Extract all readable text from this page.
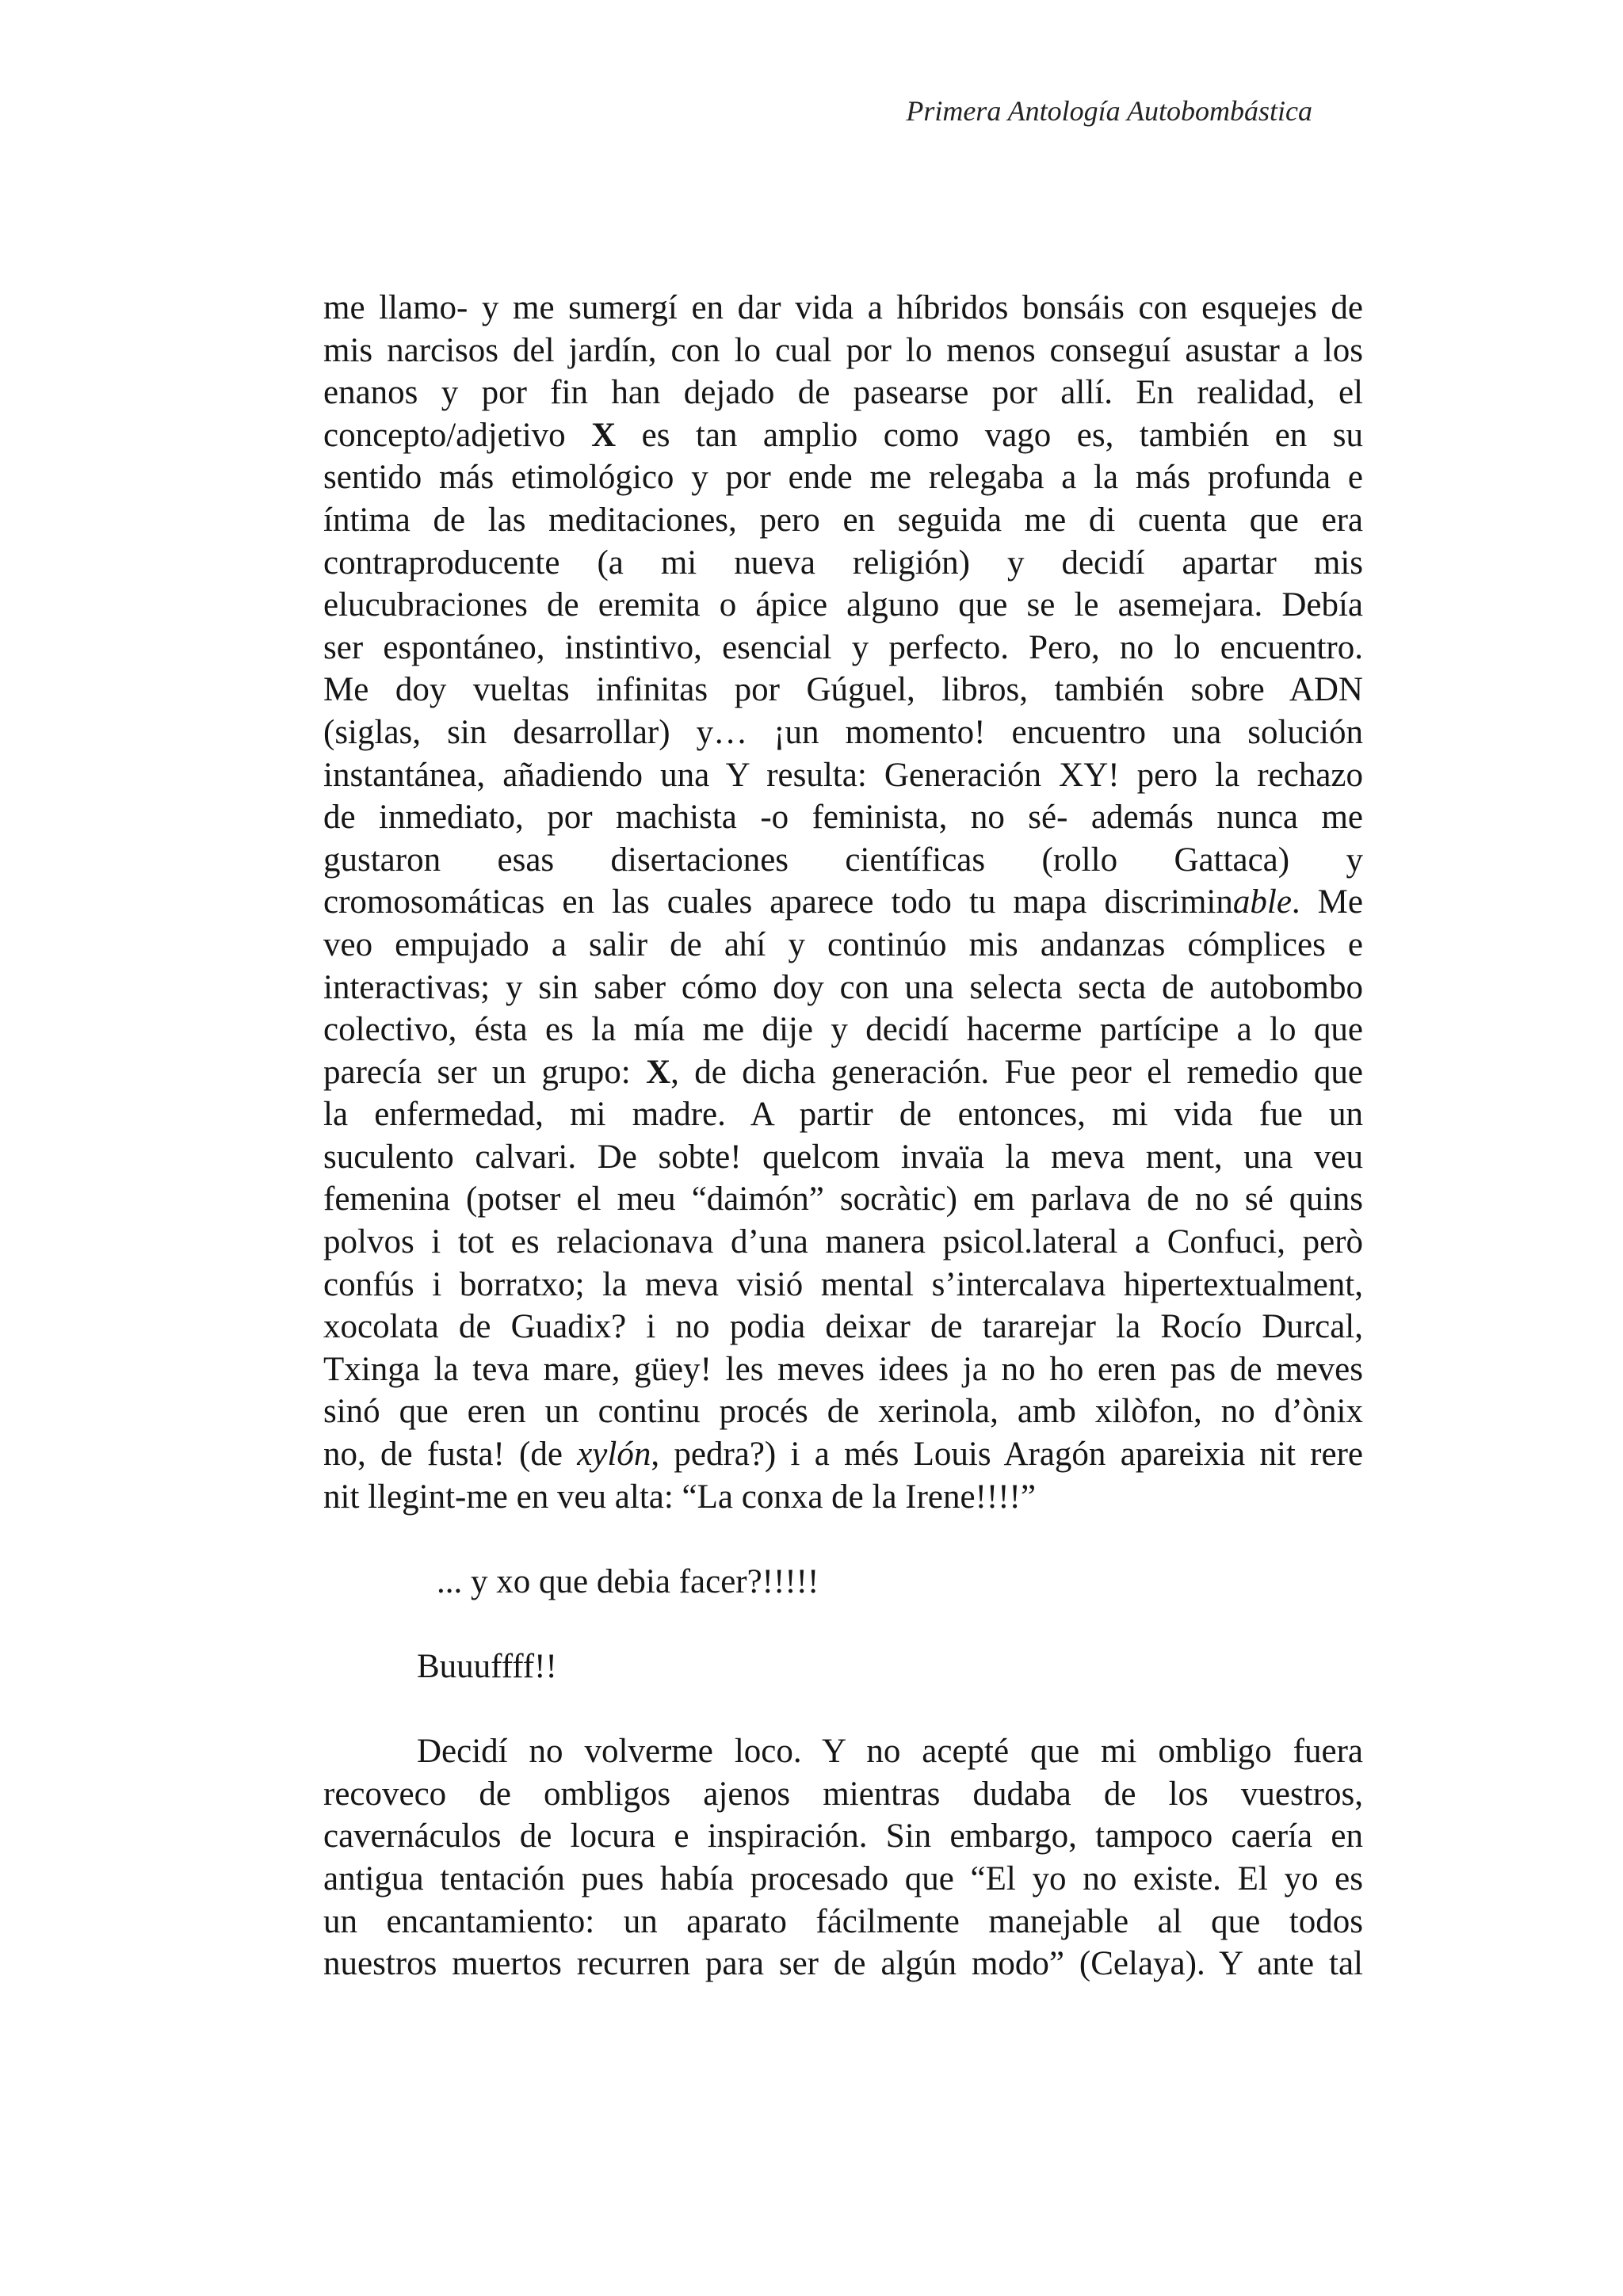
Primera Antología Autobombástica
me llamo- y me sumergí en dar vida a híbridos bonsáis con esquejes de
mis narcisos del jardín, con lo cual por lo menos conseguí asustar a los
enanos y por fin han dejado de pasearse por allí. En realidad, el
concepto/adjetivo X es tan amplio como vago es, también en su
sentido más etimológico y por ende me relegaba a la más profunda e
íntima de las meditaciones, pero en seguida me di cuenta que era
contraproducente (a mi nueva religión) y decidí apartar mis
elucubraciones de eremita o ápice alguno que se le asemejara. Debía
ser espontáneo, instintivo, esencial y perfecto. Pero, no lo encuentro.
Me doy vueltas infinitas por Gúguel, libros, también sobre ADN
(siglas, sin desarrollar) y… ¡un momento! encuentro una solución
instantánea, añadiendo una Y resulta: Generación XY! pero la rechazo
de inmediato, por machista -o feminista, no sé- además nunca me
gustaron esas disertaciones científicas (rollo Gattaca) y
cromosomáticas en las cuales aparece todo tu mapa discriminable. Me
veo empujado a salir de ahí y continúo mis andanzas cómplices e
interactivas; y sin saber cómo doy con una selecta secta de autobombo
colectivo, ésta es la mía me dije y decidí hacerme partícipe a lo que
parecía ser un grupo: X, de dicha generación. Fue peor el remedio que
la enfermedad, mi madre. A partir de entonces, mi vida fue un
suculento calvari. De sobte! quelcom invaïa la meva ment, una veu
femenina (potser el meu “daimón” socràtic) em parlava de no sé quins
polvos i tot es relacionava d’una manera psicol.lateral a Confuci, però
confús i borratxo; la meva visió mental s’intercalava hipertextualment,
xocolata de Guadix? i no podia deixar de tararejar la Rocío Durcal,
Txinga la teva mare, güey! les meves idees ja no ho eren pas de meves
sinó que eren un continu procés de xerinola, amb xilòfon, no d’ònix
no, de fusta! (de xylón, pedra?) i a més Louis Aragón apareixia nit rere
nit llegint-me en veu alta: “La conxa de la Irene!!!!”
... y xo que debia facer?!!!!!
Buuuffff!!
Decidí no volverme loco. Y no acepté que mi ombligo fuera
recoveco de ombligos ajenos mientras dudaba de los vuestros,
cavernáculos de locura e inspiración. Sin embargo, tampoco caería en
antigua tentación pues había procesado que “El yo no existe. El yo es
un encantamiento: un aparato fácilmente manejable al que todos
nuestros muertos recurren para ser de algún modo” (Celaya). Y ante tal
